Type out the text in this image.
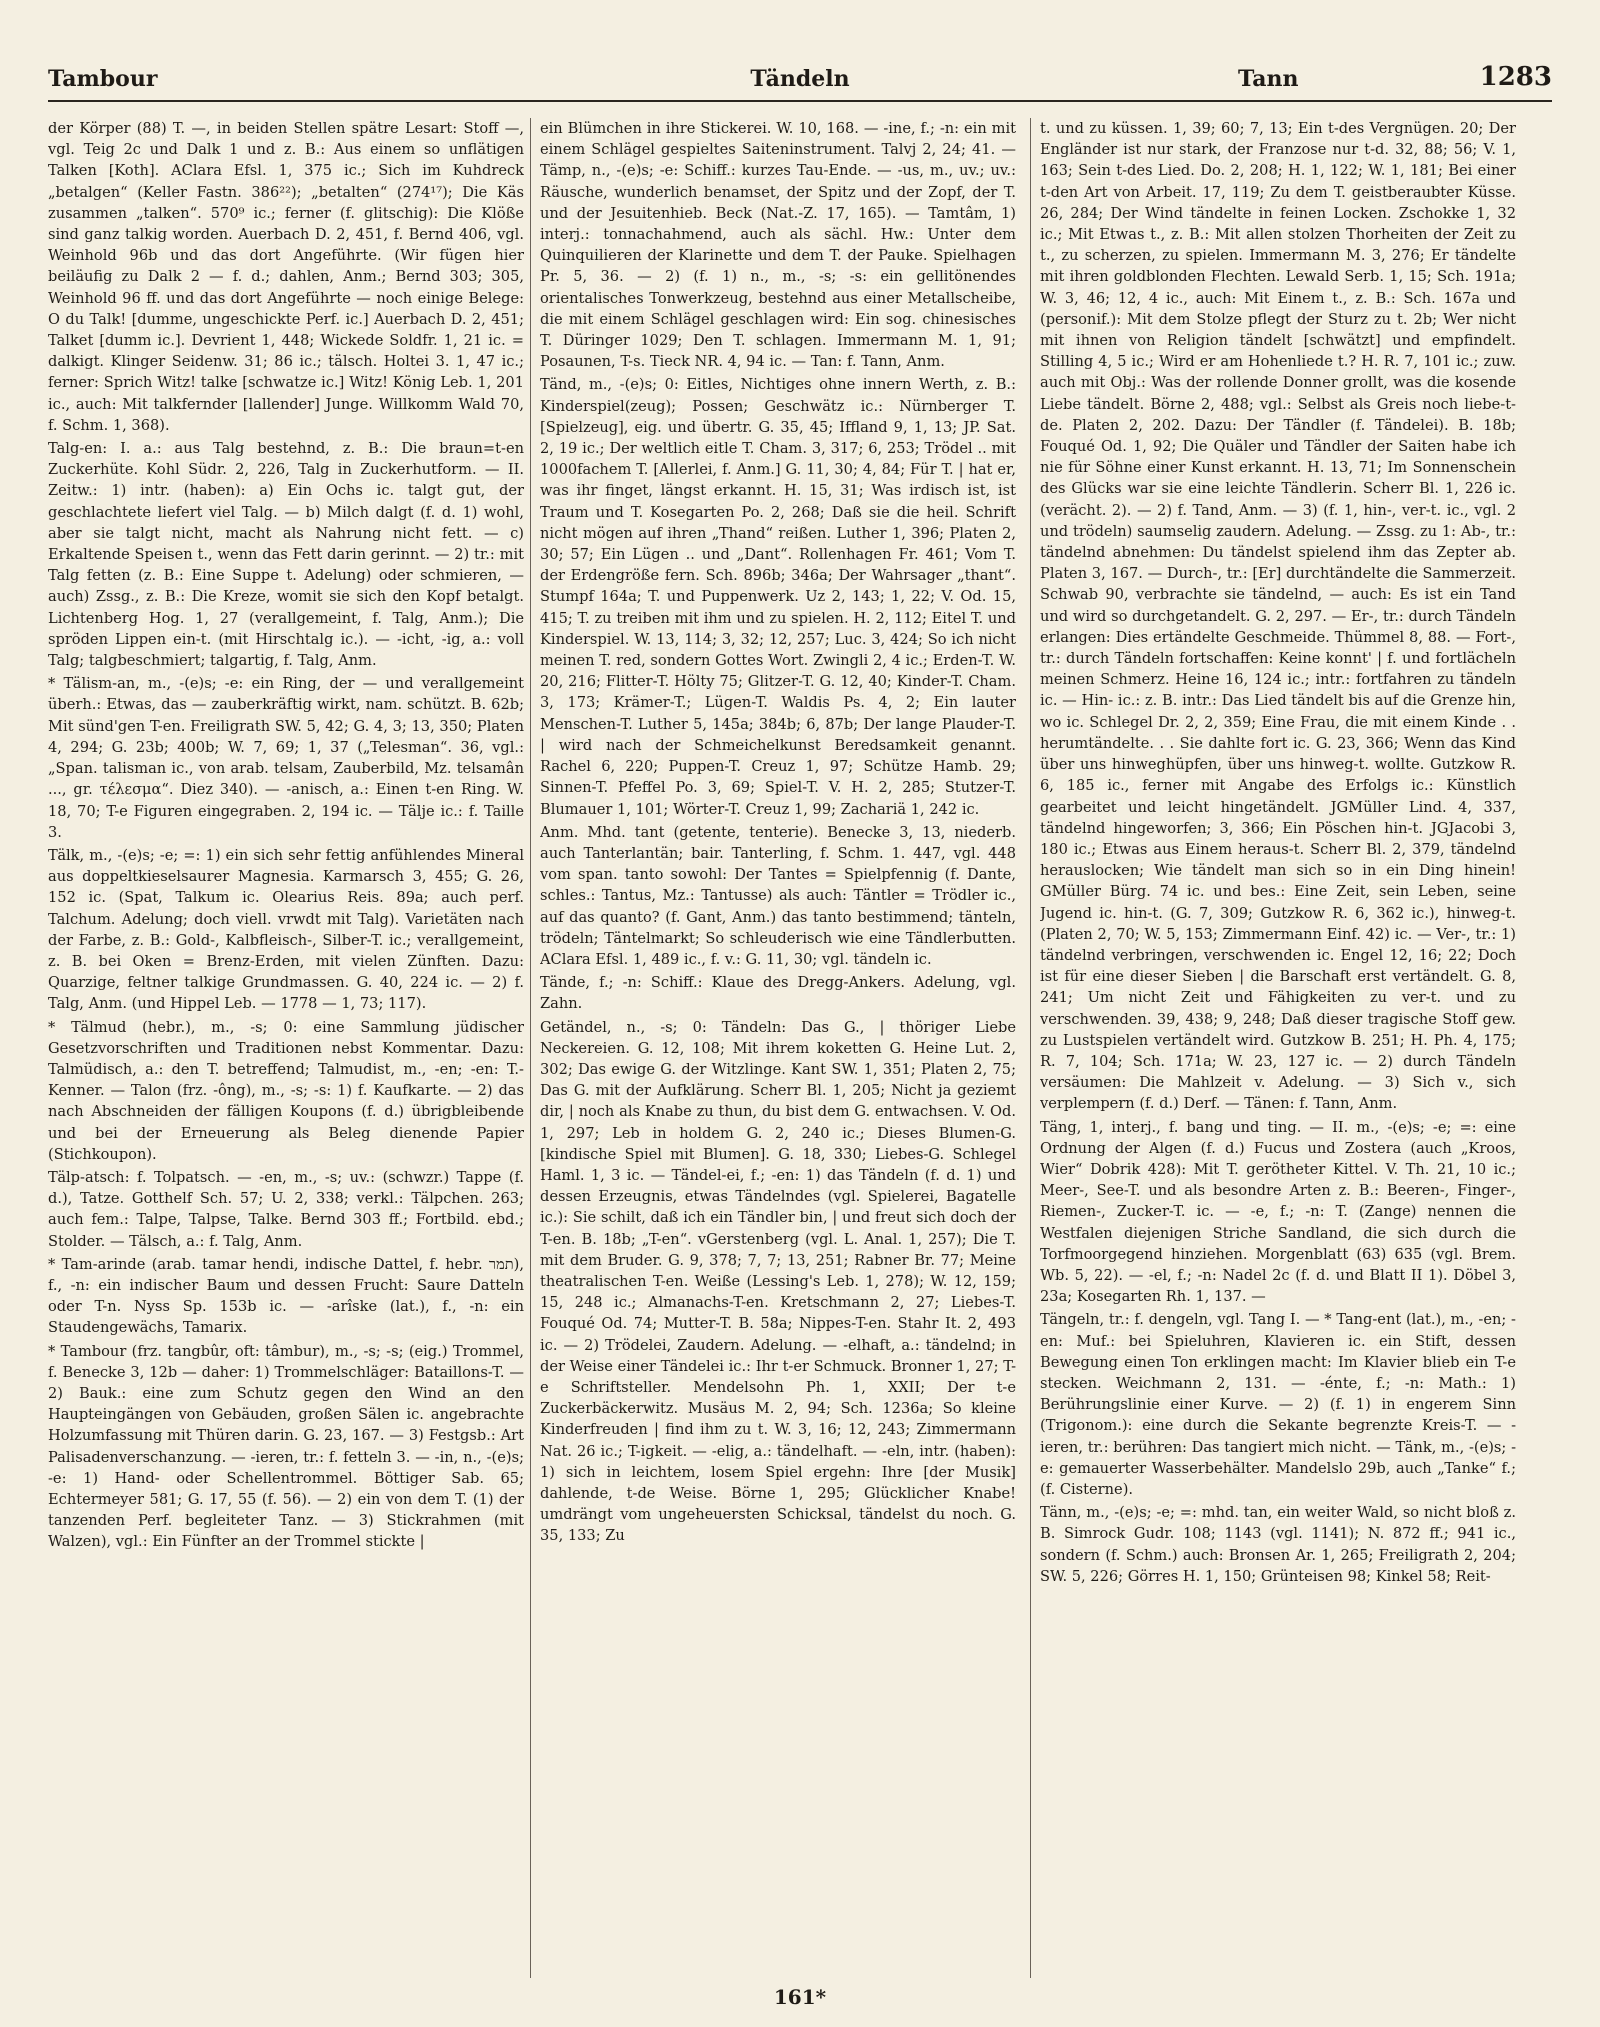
Tambour	Tändeln	Tann	1283

der Körper (88) T. —, in beiden Stellen spätre Lesart: Stoff —, vgl. Teig 2c und Dalk 1 und z. B.: Aus einem so unflätigen Talken [Koth]. AClara Efsl. 1, 375 ic.; Sich im Kuhdreck „betalgen“ (Keller Fastn. 386²²); „betalten“ (274¹⁷); Die Käs zusammen „talken“. 570⁹ ic.; ferner (f. glitschig): Die Klöße sind ganz talkig worden. Auerbach D. 2, 451, f. Bernd 406, vgl. Weinhold 96b und das dort Angeführte. (Wir fügen hier beiläufig zu Dalk 2 — f. d.; dahlen, Anm.; Bernd 303; 305, Weinhold 96 ff. und das dort Angeführte — noch einige Belege: O du Talk! [dumme, ungeschickte Perf. ic.] Auerbach D. 2, 451; Talket [dumm ic.]. Devrient 1, 448; Wickede Soldfr. 1, 21 ic. = dalkigt. Klinger Seidenw. 31; 86 ic.; tälsch. Holtei 3. 1, 47 ic.; ferner: Sprich Witz! talke [schwatze ic.] Witz! König Leb. 1, 201 ic., auch: Mit talkfernder [lallender] Junge. Willkomm Wald 70, f. Schm. 1, 368).

Talg-en: I. a.: aus Talg bestehnd, z. B.: Die braun=t-en Zuckerhüte. Kohl Südr. 2, 226, Talg in Zuckerhutform. — II. Zeitw.: 1) intr. (haben): a) Ein Ochs ic. talgt gut, der geschlachtete liefert viel Talg. — b) Milch dalgt (f. d. 1) wohl, aber sie talgt nicht, macht als Nahrung nicht fett. — c) Erkaltende Speisen t., wenn das Fett darin gerinnt. — 2) tr.: mit Talg fetten (z. B.: Eine Suppe t. Adelung) oder schmieren, — auch) Zssg., z. B.: Die Kreze, womit sie sich den Kopf betalgt. Lichtenberg Hog. 1, 27 (verallgemeint, f. Talg, Anm.); Die spröden Lippen ein-t. (mit Hirschtalg ic.). — -icht, -ig, a.: voll Talg; talgbeschmiert; talgartig, f. Talg, Anm.

* Tälism-an, m., -(e)s; -e: ein Ring, der — und verallgemeint überh.: Etwas, das — zauberkräftig wirkt, nam. schützt. B. 62b; Mit sünd'gen T-en. Freiligrath SW. 5, 42; G. 4, 3; 13, 350; Platen 4, 294; G. 23b; 400b; W. 7, 69; 1, 37 („Telesman“. 36, vgl.: „Span. talisman ic., von arab. telsam, Zauberbild, Mz. telsamân ..., gr. τέλεσμα“. Diez 340). — -anisch, a.: Einen t-en Ring. W. 18, 70; T-e Figuren eingegraben. 2, 194 ic. — Tälje ic.: f. Taille 3.

Tälk, m., -(e)s; -e; =: 1) ein sich sehr fettig anfühlendes Mineral aus doppeltkieselsaurer Magnesia. Karmarsch 3, 455; G. 26, 152 ic. (Spat, Talkum ic. Olearius Reis. 89a; auch perf. Talchum. Adelung; doch viell. vrwdt mit Talg). Varietäten nach der Farbe, z. B.: Gold-, Kalbfleisch-, Silber-T. ic.; verallgemeint, z. B. bei Oken = Brenz-Erden, mit vielen Zünften. Dazu: Quarzige, feltner talkige Grundmassen. G. 40, 224 ic. — 2) f. Talg, Anm. (und Hippel Leb. — 1778 — 1, 73; 117).

* Tälmud (hebr.), m., -s; 0: eine Sammlung jüdischer Gesetzvorschriften und Traditionen nebst Kommentar. Dazu: Talmüdisch, a.: den T. betreffend; Talmudist, m., -en; -en: T.-Kenner. — Talon (frz. -ông), m., -s; -s: 1) f. Kaufkarte. — 2) das nach Abschneiden der fälligen Koupons (f. d.) übrigbleibende und bei der Erneuerung als Beleg dienende Papier (Stichkoupon).

Tälp-atsch: f. Tolpatsch. — -en, m., -s; uv.: (schwzr.) Tappe (f. d.), Tatze. Gotthelf Sch. 57; U. 2, 338; verkl.: Tälpchen. 263; auch fem.: Talpe, Talpse, Talke. Bernd 303 ff.; Fortbild. ebd.; Stolder. — Tälsch, a.: f. Talg, Anm.

* Tam-arinde (arab. tamar hendi, indische Dattel, f. hebr. תמר), f., -n: ein indischer Baum und dessen Frucht: Saure Datteln oder T-n. Nyss Sp. 153b ic. — -arîske (lat.), f., -n: ein Staudengewächs, Tamarix.

* Tambour (frz. tangbûr, oft: tâmbur), m., -s; -s; (eig.) Trommel, f. Benecke 3, 12b — daher: 1) Trommelschläger: Bataillons-T. — 2) Bauk.: eine zum Schutz gegen den Wind an den Haupteingängen von Gebäuden, großen Sälen ic. angebrachte Holzumfassung mit Thüren darin. G. 23, 167. — 3) Festgsb.: Art Palisadenverschanzung. — -ieren, tr.: f. fetteln 3. — -in, n., -(e)s; -e: 1) Hand- oder Schellentrommel. Böttiger Sab. 65; Echtermeyer 581; G. 17, 55 (f. 56). — 2) ein von dem T. (1) der tanzenden Perf. begleiteter Tanz. — 3) Stickrahmen (mit Walzen), vgl.: Ein Fünfter an der Trommel stickte |

ein Blümchen in ihre Stickerei. W. 10, 168. — -ine, f.; -n: ein mit einem Schlägel gespieltes Saiteninstrument. Talvj 2, 24; 41. — Tämp, n., -(e)s; -e: Schiff.: kurzes Tau-Ende. — -us, m., uv.; uv.: Räusche, wunderlich benamset, der Spitz und der Zopf, der T. und der Jesuitenhieb. Beck (Nat.-Z. 17, 165). — Tamtâm, 1) interj.: tonnachahmend, auch als sächl. Hw.: Unter dem Quinquilieren der Klarinette und dem T. der Pauke. Spielhagen Pr. 5, 36. — 2) (f. 1) n., m., -s; -s: ein gellitönendes orientalisches Tonwerkzeug, bestehnd aus einer Metallscheibe, die mit einem Schlägel geschlagen wird: Ein sog. chinesisches T. Düringer 1029; Den T. schlagen. Immermann M. 1, 91; Posaunen, T-s. Tieck NR. 4, 94 ic. — Tan: f. Tann, Anm.

Tänd, m., -(e)s; 0: Eitles, Nichtiges ohne innern Werth, z. B.: Kinderspiel(zeug); Possen; Geschwätz ic.: Nürnberger T. [Spielzeug], eig. und übertr. G. 35, 45; Iffland 9, 1, 13; JP. Sat. 2, 19 ic.; Der weltlich eitle T. Cham. 3, 317; 6, 253; Trödel .. mit 1000fachem T. [Allerlei, f. Anm.] G. 11, 30; 4, 84; Für T. | hat er, was ihr finget, längst erkannt. H. 15, 31; Was irdisch ist, ist Traum und T. Kosegarten Po. 2, 268; Daß sie die heil. Schrift nicht mögen auf ihren „Thand“ reißen. Luther 1, 396; Platen 2, 30; 57; Ein Lügen .. und „Dant“. Rollenhagen Fr. 461; Vom T. der Erdengröße fern. Sch. 896b; 346a; Der Wahrsager „thant“. Stumpf 164a; T. und Puppenwerk. Uz 2, 143; 1, 22; V. Od. 15, 415; T. zu treiben mit ihm und zu spielen. H. 2, 112; Eitel T. und Kinderspiel. W. 13, 114; 3, 32; 12, 257; Luc. 3, 424; So ich nicht meinen T. red, sondern Gottes Wort. Zwingli 2, 4 ic.; Erden-T. W. 20, 216; Flitter-T. Hölty 75; Glitzer-T. G. 12, 40; Kinder-T. Cham. 3, 173; Krämer-T.; Lügen-T. Waldis Ps. 4, 2; Ein lauter Menschen-T. Luther 5, 145a; 384b; 6, 87b; Der lange Plauder-T. | wird nach der Schmeichelkunst Beredsamkeit genannt. Rachel 6, 220; Puppen-T. Creuz 1, 97; Schütze Hamb. 29; Sinnen-T. Pfeffel Po. 3, 69; Spiel-T. V. H. 2, 285; Stutzer-T. Blumauer 1, 101; Wörter-T. Creuz 1, 99; Zachariä 1, 242 ic.

Anm. Mhd. tant (getente, tenterie). Benecke 3, 13, niederb. auch Tanterlantän; bair. Tanterling, f. Schm. 1. 447, vgl. 448 vom span. tanto sowohl: Der Tantes = Spielpfennig (f. Dante, schles.: Tantus, Mz.: Tantusse) als auch: Täntler = Trödler ic., auf das quanto? (f. Gant, Anm.) das tanto bestimmend; tänteln, trödeln; Täntelmarkt; So schleuderisch wie eine Tändlerbutten. AClara Efsl. 1, 489 ic., f. v.: G. 11, 30; vgl. tändeln ic.

Tände, f.; -n: Schiff.: Klaue des Dregg-Ankers. Adelung, vgl. Zahn.

Getändel, n., -s; 0: Tändeln: Das G., | thöriger Liebe Neckereien. G. 12, 108; Mit ihrem koketten G. Heine Lut. 2, 302; Das ewige G. der Witzlinge. Kant SW. 1, 351; Platen 2, 75; Das G. mit der Aufklärung. Scherr Bl. 1, 205; Nicht ja geziemt dir, | noch als Knabe zu thun, du bist dem G. entwachsen. V. Od. 1, 297; Leb in holdem G. 2, 240 ic.; Dieses Blumen-G. [kindische Spiel mit Blumen]. G. 18, 330; Liebes-G. Schlegel Haml. 1, 3 ic. — Tändel-ei, f.; -en: 1) das Tändeln (f. d. 1) und dessen Erzeugnis, etwas Tändelndes (vgl. Spielerei, Bagatelle ic.): Sie schilt, daß ich ein Tändler bin, | und freut sich doch der T-en. B. 18b; „T-en“. vGerstenberg (vgl. L. Anal. 1, 257); Die T. mit dem Bruder. G. 9, 378; 7, 7; 13, 251; Rabner Br. 77; Meine theatralischen T-en. Weiße (Lessing's Leb. 1, 278); W. 12, 159; 15, 248 ic.; Almanachs-T-en. Kretschmann 2, 27; Liebes-T. Fouqué Od. 74; Mutter-T. B. 58a; Nippes-T-en. Stahr It. 2, 493 ic. — 2) Trödelei, Zaudern. Adelung. — -elhaft, a.: tändelnd; in der Weise einer Tändelei ic.: Ihr t-er Schmuck. Bronner 1, 27; T-e Schriftsteller. Mendelsohn Ph. 1, XXII; Der t-e Zuckerbäckerwitz. Musäus M. 2, 94; Sch. 1236a; So kleine Kinderfreuden | find ihm zu t. W. 3, 16; 12, 243; Zimmermann Nat. 26 ic.; T-igkeit. — -elig, a.: tändelhaft. — -eln, intr. (haben): 1) sich in leichtem, losem Spiel ergehn: Ihre [der Musik] dahlende, t-de Weise. Börne 1, 295; Glücklicher Knabe! umdrängt vom ungeheuersten Schicksal, tändelst du noch. G. 35, 133; Zu

t. und zu küssen. 1, 39; 60; 7, 13; Ein t-des Vergnügen. 20; Der Engländer ist nur stark, der Franzose nur t-d. 32, 88; 56; V. 1, 163; Sein t-des Lied. Do. 2, 208; H. 1, 122; W. 1, 181; Bei einer t-den Art von Arbeit. 17, 119; Zu dem T. geistberaubter Küsse. 26, 284; Der Wind tändelte in feinen Locken. Zschokke 1, 32 ic.; Mit Etwas t., z. B.: Mit allen stolzen Thorheiten der Zeit zu t., zu scherzen, zu spielen. Immermann M. 3, 276; Er tändelte mit ihren goldblonden Flechten. Lewald Serb. 1, 15; Sch. 191a; W. 3, 46; 12, 4 ic., auch: Mit Einem t., z. B.: Sch. 167a und (personif.): Mit dem Stolze pflegt der Sturz zu t. 2b; Wer nicht mit ihnen von Religion tändelt [schwätzt] und empfindelt. Stilling 4, 5 ic.; Wird er am Hohenliede t.? H. R. 7, 101 ic.; zuw. auch mit Obj.: Was der rollende Donner grollt, was die kosende Liebe tändelt. Börne 2, 488; vgl.: Selbst als Greis noch liebe-t-de. Platen 2, 202. Dazu: Der Tändler (f. Tändelei). B. 18b; Fouqué Od. 1, 92; Die Quäler und Tändler der Saiten habe ich nie für Söhne einer Kunst erkannt. H. 13, 71; Im Sonnenschein des Glücks war sie eine leichte Tändlerin. Scherr Bl. 1, 226 ic. (verächt. 2). — 2) f. Tand, Anm. — 3) (f. 1, hin-, ver-t. ic., vgl. 2 und trödeln) saumselig zaudern. Adelung. — Zssg. zu 1: Ab-, tr.: tändelnd abnehmen: Du tändelst spielend ihm das Zepter ab. Platen 3, 167. — Durch-, tr.: [Er] durchtändelte die Sammerzeit. Schwab 90, verbrachte sie tändelnd, — auch: Es ist ein Tand und wird so durchgetandelt. G. 2, 297. — Er-, tr.: durch Tändeln erlangen: Dies ertändelte Geschmeide. Thümmel 8, 88. — Fort-, tr.: durch Tändeln fortschaffen: Keine konnt' | f. und fortlächeln meinen Schmerz. Heine 16, 124 ic.; intr.: fortfahren zu tändeln ic. — Hin- ic.: z. B. intr.: Das Lied tändelt bis auf die Grenze hin, wo ic. Schlegel Dr. 2, 2, 359; Eine Frau, die mit einem Kinde . . herumtändelte. . . Sie dahlte fort ic. G. 23, 366; Wenn das Kind über uns hinweghüpfen, über uns hinweg-t. wollte. Gutzkow R. 6, 185 ic., ferner mit Angabe des Erfolgs ic.: Künstlich gearbeitet und leicht hingetändelt. JGMüller Lind. 4, 337, tändelnd hingeworfen; 3, 366; Ein Pöschen hin-t. JGJacobi 3, 180 ic.; Etwas aus Einem heraus-t. Scherr Bl. 2, 379, tändelnd herauslocken; Wie tändelt man sich so in ein Ding hinein! GMüller Bürg. 74 ic. und bes.: Eine Zeit, sein Leben, seine Jugend ic. hin-t. (G. 7, 309; Gutzkow R. 6, 362 ic.), hinweg-t. (Platen 2, 70; W. 5, 153; Zimmermann Einf. 42) ic. — Ver-, tr.: 1) tändelnd verbringen, verschwenden ic. Engel 12, 16; 22; Doch ist für eine dieser Sieben | die Barschaft erst vertändelt. G. 8, 241; Um nicht Zeit und Fähigkeiten zu ver-t. und zu verschwenden. 39, 438; 9, 248; Daß dieser tragische Stoff gew. zu Lustspielen vertändelt wird. Gutzkow B. 251; H. Ph. 4, 175; R. 7, 104; Sch. 171a; W. 23, 127 ic. — 2) durch Tändeln versäumen: Die Mahlzeit v. Adelung. — 3) Sich v., sich verplempern (f. d.) Derf. — Tänen: f. Tann, Anm.

Täng, 1, interj., f. bang und ting. — II. m., -(e)s; -e; =: eine Ordnung der Algen (f. d.) Fucus und Zostera (auch „Kroos, Wier“ Dobrik 428): Mit T. gerötheter Kittel. V. Th. 21, 10 ic.; Meer-, See-T. und als besondre Arten z. B.: Beeren-, Finger-, Riemen-, Zucker-T. ic. — -e, f.; -n: T. (Zange) nennen die Westfalen diejenigen Striche Sandland, die sich durch die Torfmoorgegend hinziehen. Morgenblatt (63) 635 (vgl. Brem. Wb. 5, 22). — -el, f.; -n: Nadel 2c (f. d. und Blatt II 1). Döbel 3, 23a; Kosegarten Rh. 1, 137. —

Tängeln, tr.: f. dengeln, vgl. Tang I. — * Tang-ent (lat.), m., -en; -en: Muf.: bei Spieluhren, Klavieren ic. ein Stift, dessen Bewegung einen Ton erklingen macht: Im Klavier blieb ein T-e stecken. Weichmann 2, 131. — -énte, f.; -n: Math.: 1) Berührungslinie einer Kurve. — 2) (f. 1) in engerem Sinn (Trigonom.): eine durch die Sekante begrenzte Kreis-T. — -ieren, tr.: berühren: Das tangiert mich nicht. — Tänk, m., -(e)s; -e: gemauerter Wasserbehälter. Mandelslo 29b, auch „Tanke“ f.; (f. Cisterne).

Tänn, m., -(e)s; -e; =: mhd. tan, ein weiter Wald, so nicht bloß z. B. Simrock Gudr. 108; 1143 (vgl. 1141); N. 872 ff.; 941 ic., sondern (f. Schm.) auch: Bronsen Ar. 1, 265; Freiligrath 2, 204; SW. 5, 226; Görres H. 1, 150; Grünteisen 98; Kinkel 58; Reit-

161*
